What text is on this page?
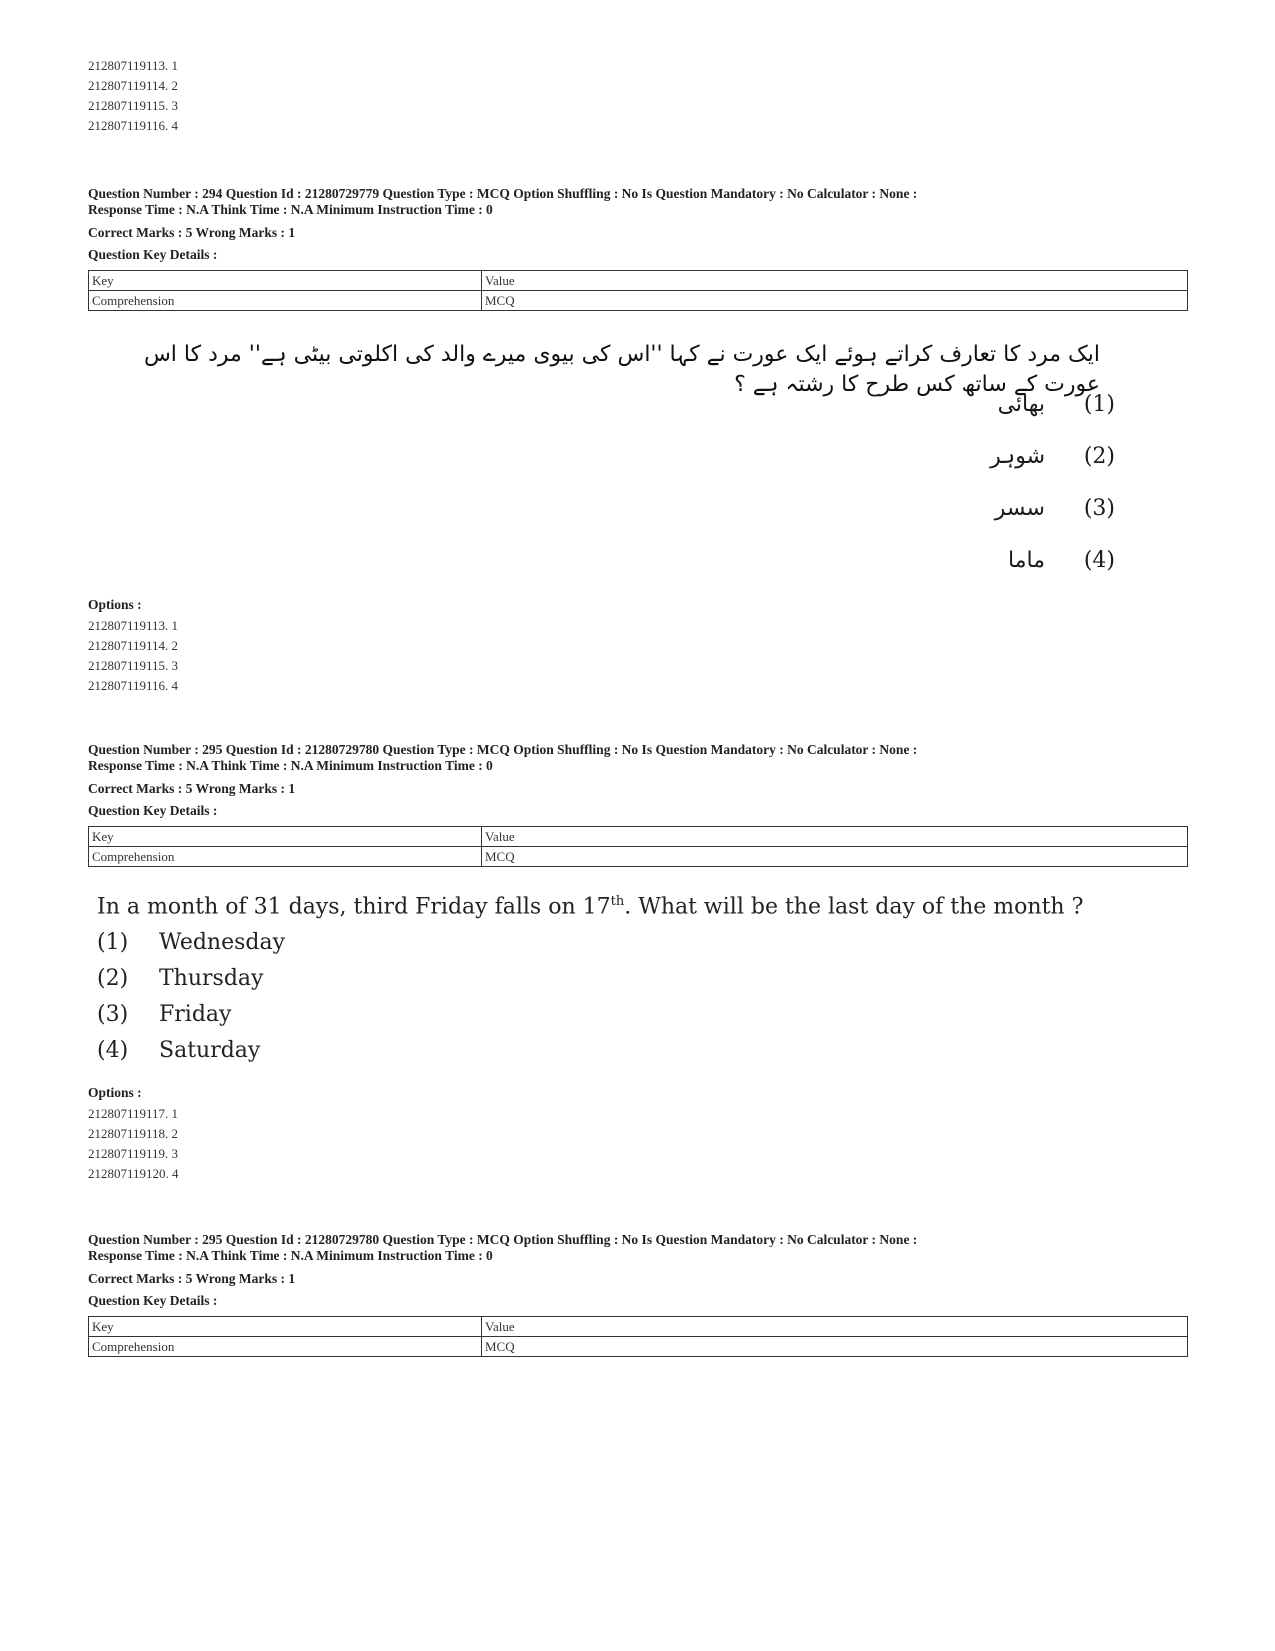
212807119113. 1
212807119114. 2
212807119115. 3
212807119116. 4
Question Number : 294 Question Id : 21280729779 Question Type : MCQ Option Shuffling : No Is Question Mandatory : No Calculator : None :
Response Time : N.A Think Time : N.A Minimum Instruction Time : 0
Correct Marks : 5 Wrong Marks : 1
Question Key Details :
Key	Value
Comprehension	MCQ
ایک مرد کا تعارف کراتے ہوئے ایک عورت نے کہا ''اس کی بیوی میرے والد کی اکلوتی بیٹی ہے'' مرد کا اس عورت کے ساتھ کس طرح کا رشتہ ہے ؟
(1)
بھائی
(2)
شوہر
(3)
سسر
(4)
ماما
Options :
212807119113. 1
212807119114. 2
212807119115. 3
212807119116. 4
Question Number : 295 Question Id : 21280729780 Question Type : MCQ Option Shuffling : No Is Question Mandatory : No Calculator : None :
Response Time : N.A Think Time : N.A Minimum Instruction Time : 0
Correct Marks : 5 Wrong Marks : 1
Question Key Details :
Key	Value
Comprehension	MCQ
In a month of 31 days, third Friday falls on 17th. What will be the last day of the month ?
(1) Wednesday
(2) Thursday
(3) Friday
(4) Saturday
Options :
212807119117. 1
212807119118. 2
212807119119. 3
212807119120. 4
Question Number : 295 Question Id : 21280729780 Question Type : MCQ Option Shuffling : No Is Question Mandatory : No Calculator : None :
Response Time : N.A Think Time : N.A Minimum Instruction Time : 0
Correct Marks : 5 Wrong Marks : 1
Question Key Details :
Key	Value
Comprehension	MCQ
